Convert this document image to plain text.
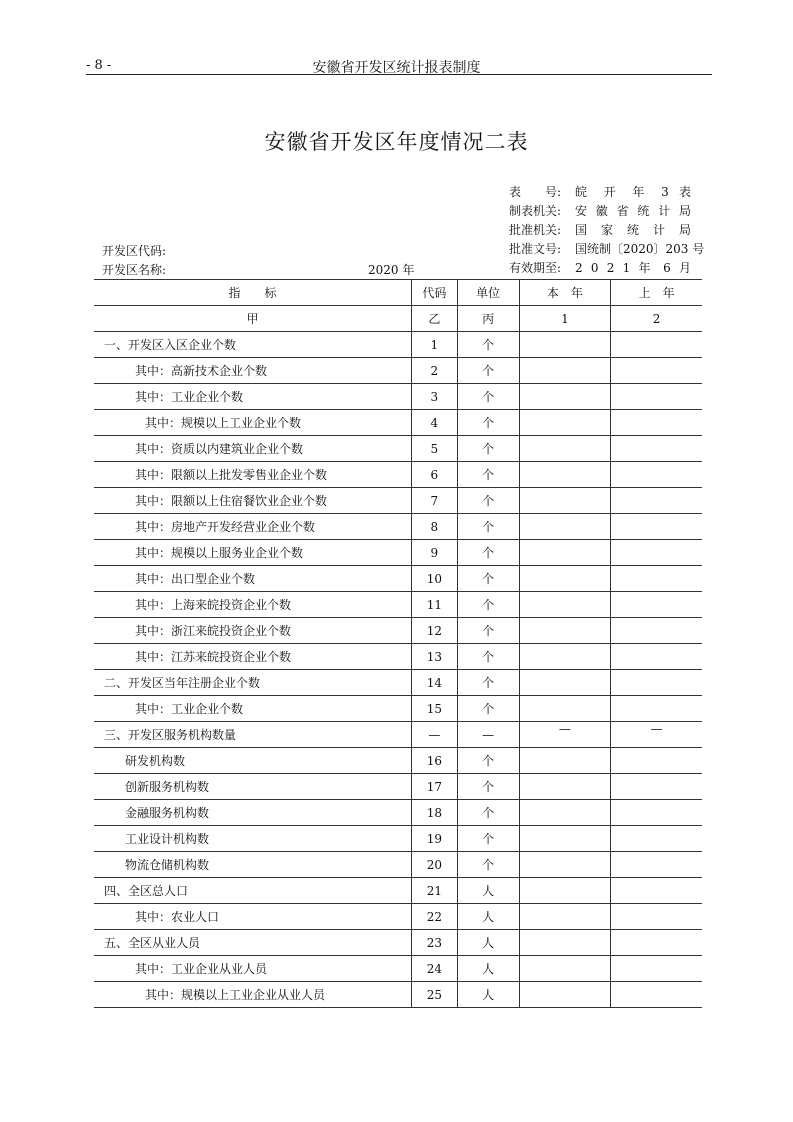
- 8 -	安徽省开发区统计报表制度
安徽省开发区年度情况二表
表　　号:	皖 开 年 3 表
制表机关:	安 徽 省 统 计 局
批准机关:	国 家 统 计 局
批准文号:	国统制〔2020〕203 号
有效期至:	2 0 2 1 年 6 月
开发区代码:
开发区名称:	2020 年
指　　标	代码	单位	本　年	上　年
甲	乙	丙	1	2
一、开发区入区企业个数	1	个		
其中：高新技术企业个数	2	个		
其中：工业企业个数	3	个		
其中：规模以上工业企业个数	4	个		
其中：资质以内建筑业企业个数	5	个		
其中：限额以上批发零售业企业个数	6	个		
其中：限额以上住宿餐饮业企业个数	7	个		
其中：房地产开发经营业企业个数	8	个		
其中：规模以上服务业企业个数	9	个		
其中：出口型企业个数	10	个		
其中：上海来皖投资企业个数	11	个		
其中：浙江来皖投资企业个数	12	个		
其中：江苏来皖投资企业个数	13	个		
二、开发区当年注册企业个数	14	个		
其中：工业企业个数	15	个		
三、开发区服务机构数量	—	—	—	—
研发机构数	16	个		
创新服务机构数	17	个		
金融服务机构数	18	个		
工业设计机构数	19	个		
物流仓储机构数	20	个		
四、全区总人口	21	人		
其中：农业人口	22	人		
五、全区从业人员	23	人		
其中：工业企业从业人员	24	人		
其中：规模以上工业企业从业人员	25	人		
